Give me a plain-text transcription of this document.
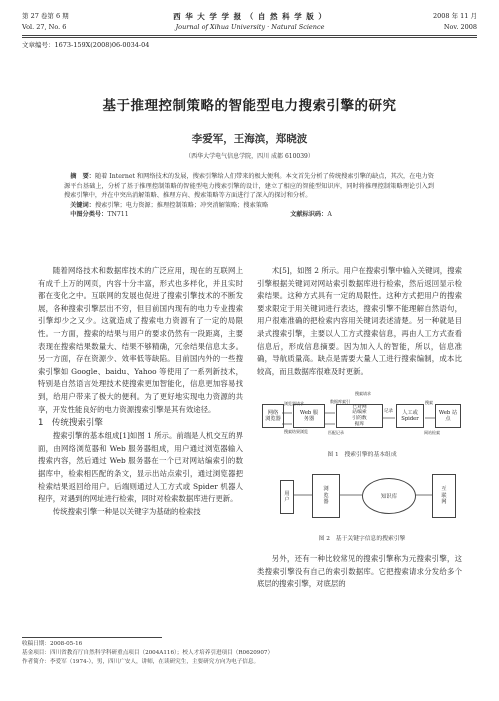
第 27 卷第 6 期
Vol. 27, No. 6
西 华 大 学 学 报 （ 自 然 科 学 版 ）
Journal of Xihua University · Natural Science
2008 年 11 月
Nov. 2008
文章编号：1673-159X(2008)06-0034-04
基于推理控制策略的智能型电力搜索引擎的研究
李爱军，王海滨，郑晓波
（西华大学电气信息学院，四川 成都 610039）
摘　要：随着 Internet 和网络技术的发展，搜索引擎给人们带来的极大便利。本文首先分析了传统搜索引擎的缺点，其次，在电力资源平台基础上，分析了基于推理控制策略的智能型电力搜索引擎的设计，建立了相应的智能型知识库，同时将推理控制策略理论引入到搜索引擎中，并在中突出消解策略、推理方向、搜索策略等方面进行了深入的探讨和分析。
关键词：搜索引擎；电力资源；推理控制策略；冲突消解策略；搜索策略
中图分类号：TN711	文献标识码：A

随着网络技术和数据库技术的广泛应用，现在的互联网上有成千上万的网页，内容十分丰富，形式也多样化，并且实时都在变化之中。互联网的发展也促进了搜索引擎技术的不断发展，各种搜索引擎层出不穷，但目前国内现有的电力专业搜索引擎却少之又少。这就造成了搜索电力资源有了一定的局限性。一方面，搜索的结果与用户的要求仍然有一段距离，主要表现在搜索结果数量大、结果不够精确，冗余结果信息太多。另一方面，存在资源少、效率低等缺陷。目前国内外的一些搜索引擎如 Google、baidu、Yahoo 等使用了一系列新技术，特别是自然语言处理技术使搜索更加智能化，信息更加容易找到，给用户带来了极大的便利。为了更好地实现电力资源的共享，开发性能良好的电力资源搜索引擎是其有效途径。

1　传统搜索引擎

搜索引擎的基本组成[1]如图 1 所示。前端是人机交互的界面，由网络浏览器和 Web 服务器组成，用户通过浏览器输入搜索内容，然后通过 Web 服务器在一个已对网站编索引的数据库中，检索相匹配的条文，显示出站点索引，通过浏览器把检索结果返回给用户。后端则通过人工方式或 Spider 机器人程序，对遇到的网址进行检索，同时对检索数据库进行更新。

传统搜索引擎一种是以关键字为基础的检索技

术[5]，如图 2 所示。用户在搜索引擎中输入关键词，搜索引擎根据关键词对网站索引数据库进行检索，然后返回显示检索结果。这种方式具有一定的局限性。这种方式把用户的搜索要求限定于用关键词进行表达，搜索引擎不能理解自然语句，用户很难准确的把检索内容用关键词表述清楚。另一种就是目录式搜索引擎，主要以人工方式搜索信息，再由人工方式查看信息后，形成信息摘要。因为加入人的智能，所以，信息准确，导航质量高。缺点是需要大量人工进行搜索编制，成本比较高，而且数据库很难及时更新。

网络
浏览器
浏览器请求
搜索结果浏览
Web 服
务器
数据库索引
匹配记录
搜索请求
已对网
站编索
引的数
据库
记录	人工或
Spider
搜索
网站检索
Web 站
点
图 1　搜索引擎的基本组成
用
户
浏
览
器
知识库
互
联
网
图 2　基于关键字信息的搜索引擎

另外，还有一种比较常见的搜索引擎称为元搜索引擎，这类搜索引擎没有自己的索引数据库。它把搜索请求分发给多个底层的搜索引擎，对底层的

收稿日期：2008-05-16
基金项目：四川省教育厅自然科学科研重点项目（2004A116）；校人才培养引进项目（R0620907）
作者简介：李爱军（1974-），男，四川广安人，讲师，在读研究生，主要研究方向为电子信息。
